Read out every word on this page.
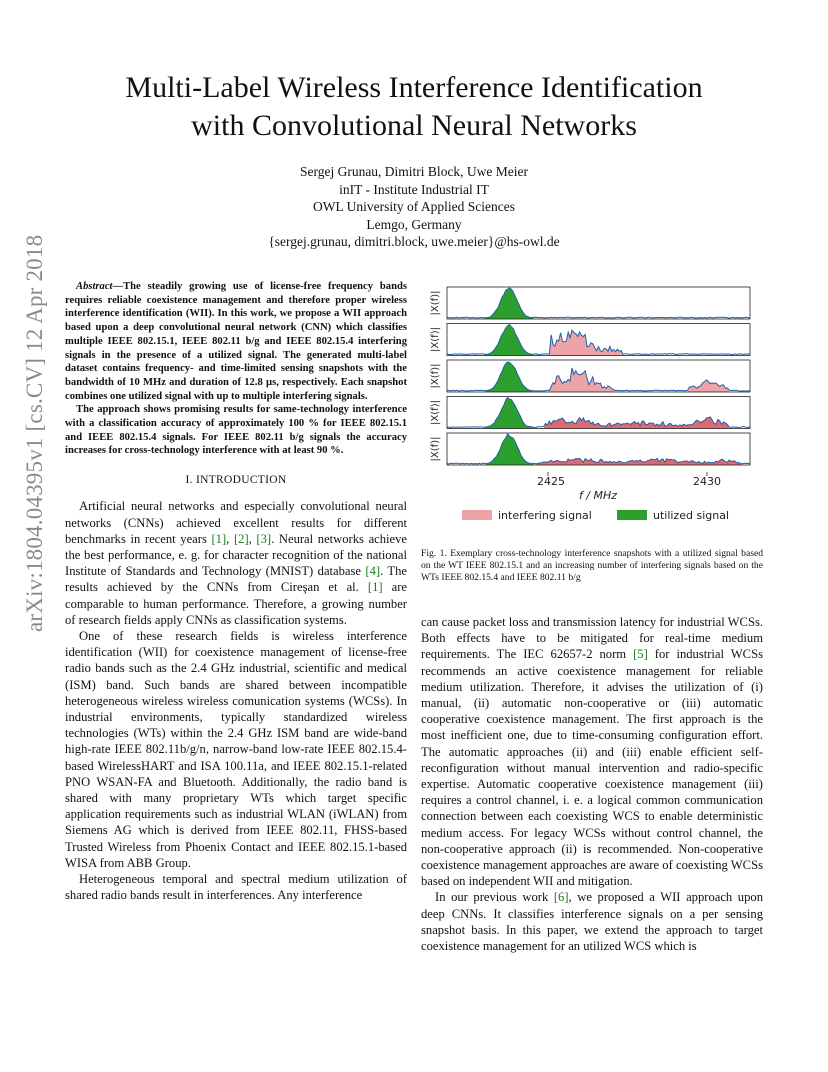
arXiv:1804.04395v1 [cs.CV] 12 Apr 2018
Multi-Label Wireless Interference Identification
with Convolutional Neural Networks
Sergej Grunau, Dimitri Block, Uwe Meier
inIT - Institute Industrial IT
OWL University of Applied Sciences
Lemgo, Germany
{sergej.grunau, dimitri.block, uwe.meier}@hs-owl.de

Abstract—The steadily growing use of license-free frequency bands requires reliable coexistence management and therefore proper wireless interference identification (WII). In this work, we propose a WII approach based upon a deep convolutional neural network (CNN) which classifies multiple IEEE 802.15.1, IEEE 802.11 b/g and IEEE 802.15.4 interfering signals in the presence of a utilized signal. The generated multi-label dataset contains frequency- and time-limited sensing snapshots with the bandwidth of 10 MHz and duration of 12.8 µs, respectively. Each snapshot combines one utilized signal with up to multiple interfering signals.

The approach shows promising results for same-technology interference with a classification accuracy of approximately 100 % for IEEE 802.15.1 and IEEE 802.15.4 signals. For IEEE 802.11 b/g signals the accuracy increases for cross-technology interference with at least 90 %.

I. INTRODUCTION

Artificial neural networks and especially convolutional neural networks (CNNs) achieved excellent results for different benchmarks in recent years [1], [2], [3]. Neural networks achieve the best performance, e. g. for character recognition of the national Institute of Standards and Technology (MNIST) database [4]. The results achieved by the CNNs from Cireşan et al. [1] are comparable to human performance. Therefore, a growing number of research fields apply CNNs as classification systems.

One of these research fields is wireless interference identification (WII) for coexistence management of license-free radio bands such as the 2.4 GHz industrial, scientific and medical (ISM) band. Such bands are shared between incompatible heterogeneous wireless wireless comunication systems (WCSs). In industrial environments, typically standardized wireless technologies (WTs) within the 2.4 GHz ISM band are wide-band high-rate IEEE 802.11b/g/n, narrow-band low-rate IEEE 802.15.4-based WirelessHART and ISA 100.11a, and IEEE 802.15.1-related PNO WSAN-FA and Bluetooth. Additionally, the radio band is shared with many proprietary WTs which target specific application requirements such as industrial WLAN (iWLAN) from Siemens AG which is derived from IEEE 802.11, FHSS-based Trusted Wireless from Phoenix Contact and IEEE 802.15.1-based WISA from ABB Group.

Heterogeneous temporal and spectral medium utilization of shared radio bands result in interferences. Any interference

|X(f)|
|X(f)|
|X(f)|
|X(f)|
|X(f)|
2425	2430
f / MHz
interfering signal	utilized signal
Fig. 1. Exemplary cross-technology interference snapshots with a utilized signal based on the WT IEEE 802.15.1 and an increasing number of interfering signals based on the WTs IEEE 802.15.4 and IEEE 802.11 b/g

can cause packet loss and transmission latency for industrial WCSs. Both effects have to be mitigated for real-time medium requirements. The IEC 62657-2 norm [5] for industrial WCSs recommends an active coexistence management for reliable medium utilization. Therefore, it advises the utilization of (i) manual, (ii) automatic non-cooperative or (iii) automatic cooperative coexistence management. The first approach is the most inefficient one, due to time-consuming configuration effort. The automatic approaches (ii) and (iii) enable efficient self-reconfiguration without manual intervention and radio-specific expertise. Automatic cooperative coexistence management (iii) requires a control channel, i. e. a logical common communication connection between each coexisting WCS to enable deterministic medium access. For legacy WCSs without control channel, the non-cooperative approach (ii) is recommended. Non-cooperative coexistence management approaches are aware of coexisting WCSs based on independent WII and mitigation.

In our previous work [6], we proposed a WII approach upon deep CNNs. It classifies interference signals on a per sensing snapshot basis. In this paper, we extend the approach to target coexistence management for an utilized WCS which is
